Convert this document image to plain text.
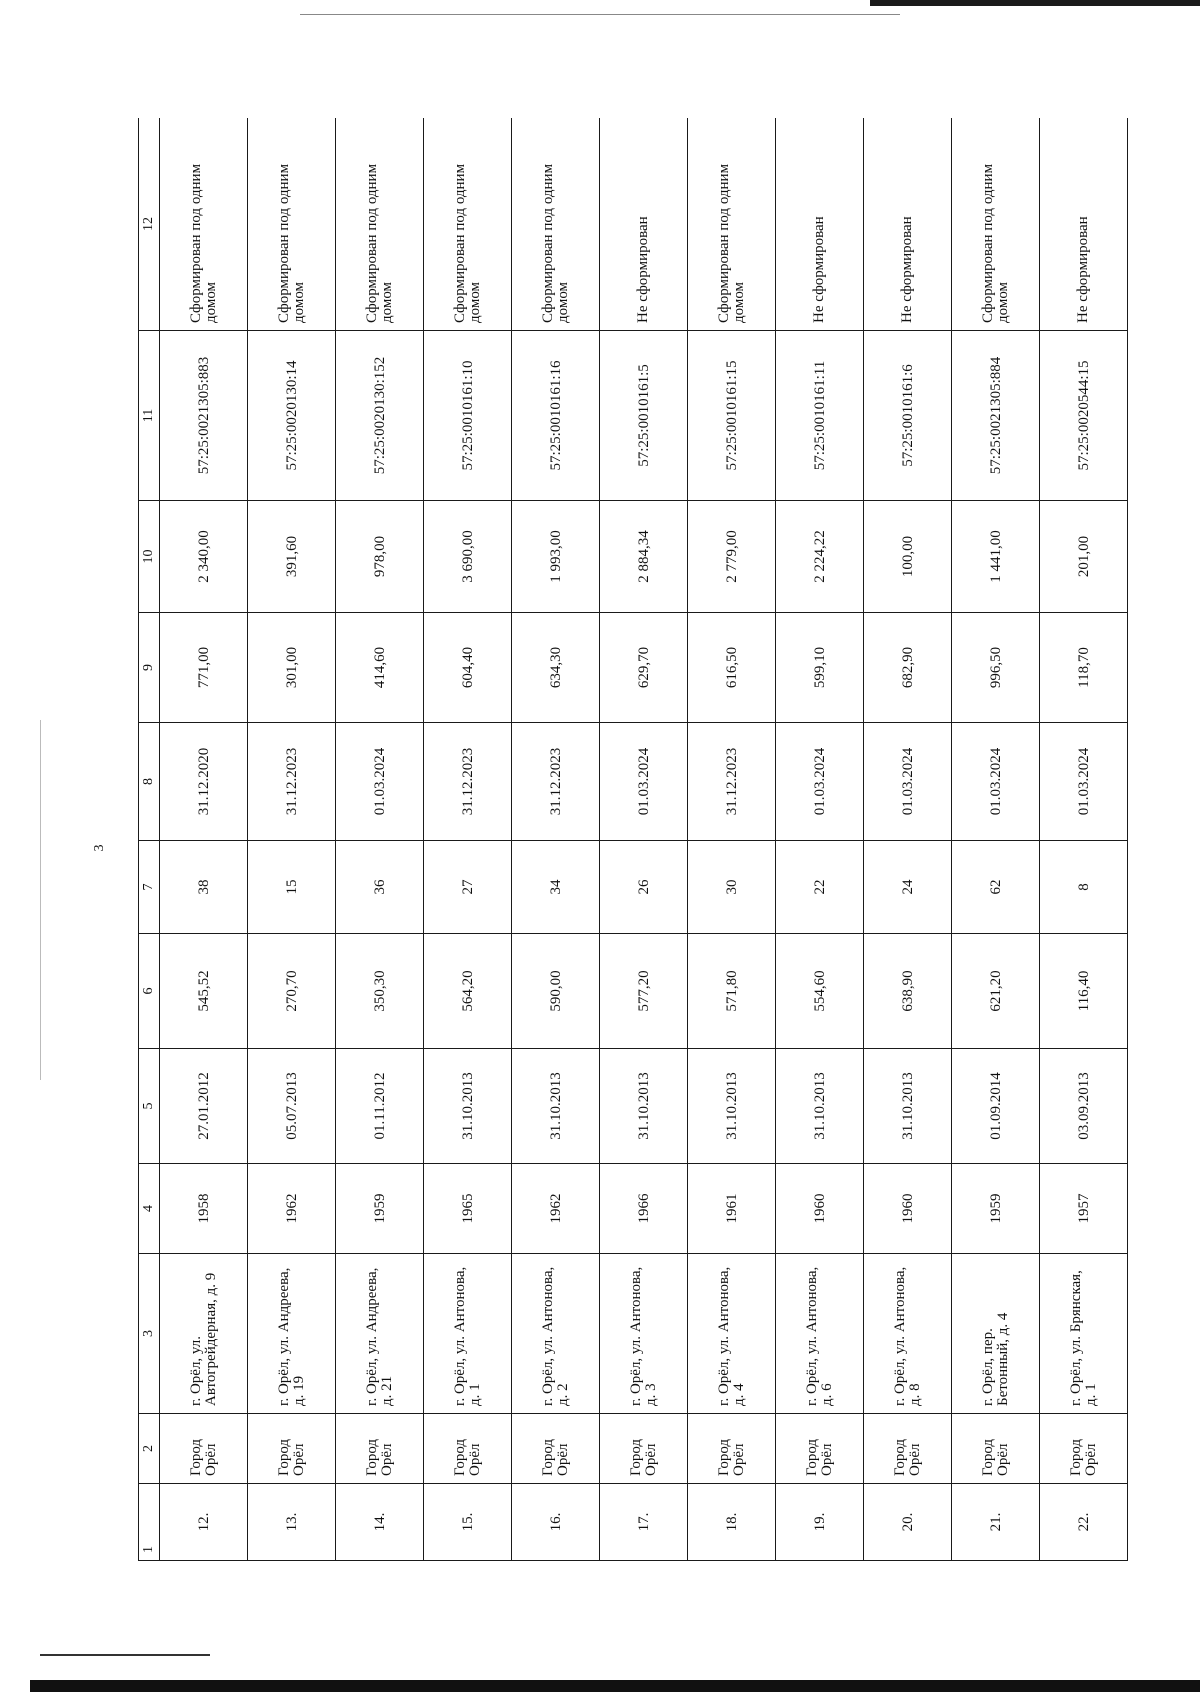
3
1	2	3	4	5	6	7	8	9	10	11	12
12.	Город Орёл	г. Орёл, ул. Автогрейдерная, д. 9	1958	27.01.2012	545,52	38	31.12.2020	771,00	2 340,00	57:25:0021305:883	Сформирован под одним домом
13.	Город Орёл	г. Орёл, ул. Андреева, д. 19	1962	05.07.2013	270,70	15	31.12.2023	301,00	391,60	57:25:0020130:14	Сформирован под одним домом
14.	Город Орёл	г. Орёл, ул. Андреева, д. 21	1959	01.11.2012	350,30	36	01.03.2024	414,60	978,00	57:25:0020130:152	Сформирован под одним домом
15.	Город Орёл	г. Орёл, ул. Антонова, д. 1	1965	31.10.2013	564,20	27	31.12.2023	604,40	3 690,00	57:25:0010161:10	Сформирован под одним домом
16.	Город Орёл	г. Орёл, ул. Антонова, д. 2	1962	31.10.2013	590,00	34	31.12.2023	634,30	1 993,00	57:25:0010161:16	Сформирован под одним домом
17.	Город Орёл	г. Орёл, ул. Антонова, д. 3	1966	31.10.2013	577,20	26	01.03.2024	629,70	2 884,34	57:25:0010161:5	Не сформирован
18.	Город Орёл	г. Орёл, ул. Антонова, д. 4	1961	31.10.2013	571,80	30	31.12.2023	616,50	2 779,00	57:25:0010161:15	Сформирован под одним домом
19.	Город Орёл	г. Орёл, ул. Антонова, д. 6	1960	31.10.2013	554,60	22	01.03.2024	599,10	2 224,22	57:25:0010161:11	Не сформирован
20.	Город Орёл	г. Орёл, ул. Антонова, д. 8	1960	31.10.2013	638,90	24	01.03.2024	682,90	100,00	57:25:0010161:6	Не сформирован
21.	Город Орёл	г. Орёл, пер. Бетонный, д. 4	1959	01.09.2014	621,20	62	01.03.2024	996,50	1 441,00	57:25:0021305:884	Сформирован под одним домом
22.	Город Орёл	г. Орёл, ул. Брянская, д. 1	1957	03.09.2013	116,40	8	01.03.2024	118,70	201,00	57:25:0020544:15	Не сформирован
